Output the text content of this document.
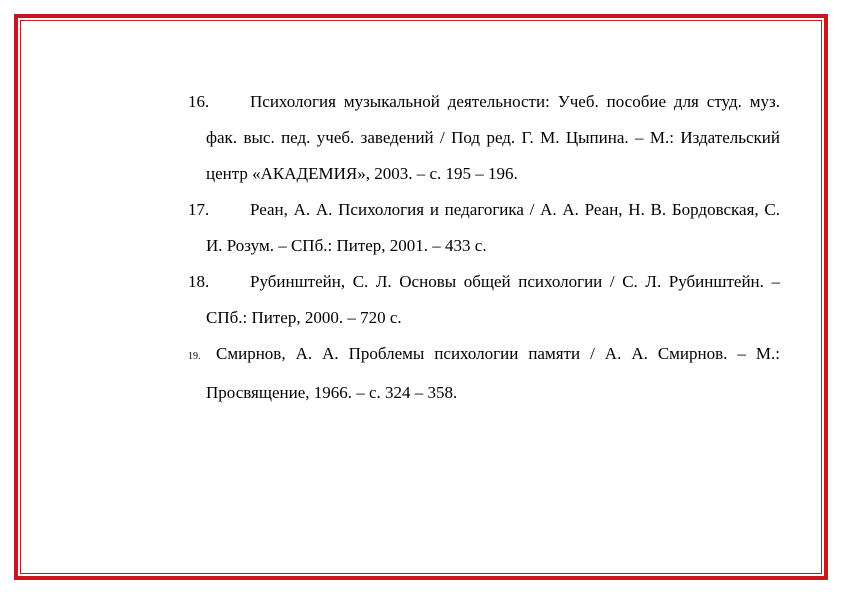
16. Психология музыкальной деятельности: Учеб. пособие для студ. муз. фак. выс. пед. учеб. заведений / Под ред. Г. М. Цыпина. – М.: Издательский центр «АКАДЕМИЯ», 2003. – с. 195 – 196.
17. Реан, А. А. Психология и педагогика / А. А. Реан, Н. В. Бордовская, С. И. Розум. – СПб.: Питер, 2001. – 433 с.
18. Рубинштейн, С. Л. Основы общей психологии / С. Л. Рубинштейн. – СПб.: Питер, 2000. – 720 с.
19. Смирнов, А. А. Проблемы психологии памяти / А. А. Смирнов. – М.: Просвящение, 1966. – с. 324 – 358.
